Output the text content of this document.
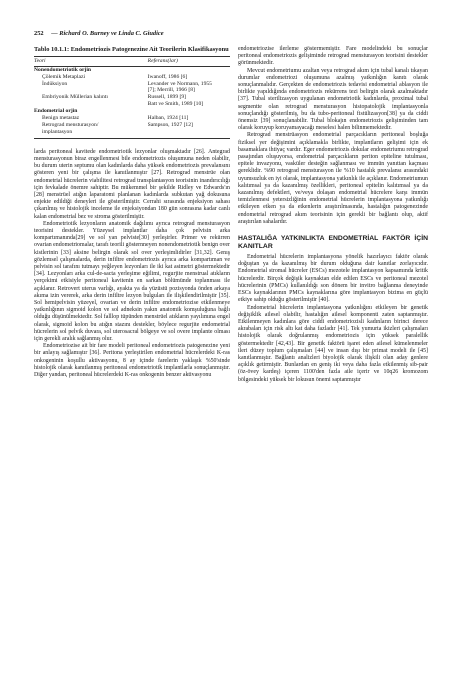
252 — Richard O. Burney ve Linda C. Giudice
Tablo 10.1.1: Endometriozis Patogenezine Ait Teorilerin Klasifikasyonu
Teori	Referans(lar)
Nonendometriotik orjin	
Çölemik Metaplazi	Iwanoff, 1986 [6]
İndüksiyon	Levander ve Normann, 1955
	[7]; Merrill, 1966 [8]
Embriyonik Müllerian kalıntı	Russell, 1899 [9]
	Batt ve Smith, 1989 [10]
Endometrial orjin	
Benign metastaz	Halban, 1924 [11]
Retrograd mensturasyon/	Sampson, 1927 [12]
implantasyon	

larda peritoneal kavitede endometriotik lezyonlar oluşmaktadır [26]. Antegrad mensturasyonun biraz engellenmesi bile endometriozis oluşumuna neden olabilir, bu durum uterin septumu olan kadınlarda daha yüksek endometriozis prevalansını gösteren yeni bir çalışma ile kanıtlanmıştır [27]. Retrograd menstrüe olan endometrial hücrelerin viabilitesi retrograd transplantasyon teorisinin inandırıcılığı için fevkalade önemre sahiptir. Bu mükemmel bir şekilde Ridley ve Edwards'ın [28] menstrüel atığın laparatomi planlanan kadınlarda subkutan yağ dokusuna enjekte edildiği deneyleri ile gösterilmiştir. Cerrahi sırasında enjeksiyon sahası çıkarılmış ve histolojik inceleme ile enjeksiyondan 180 gün sonrasına kadar canlı kalan endometrial bez ve stroma gösterilmiştir.

Endometriotik lezyonların anatomik dağılımı ayrıca retrograd mensturasyon teorisini destekler. Yüzeysel implantlar daha çok pelvisin arka kompartımanında[29] ve sol yan pelviste[30] yerleşirler. Primer ve rekürren ovarian endometriomalar, tarafı teorili gösternneyen nonendometriotik benign over kistlerinin [33] aksine belirgin olarak sol over yerleşimlidirler [31,32]. Genış gözlemsel çalışmalarda, derin infiltre endometriozis ayrıca arka kompartıman ve pelvisin sol tarafını tutmayı yeğleyen lezyonları ile iki kat asimetri göstermektedir [34]. Lezyonları arka cul-de-sacta yerleşime eğilimi, regurjite menstrual atıkların yerçekimi etkisiyle peritoneal kavitenin en sarkan bölümünde toplanması ile açıklanır. Retrovert uterus varlığı, ayakta ya da yüzüstü pozisyonda önden arkaya akıma izin vererek, arka derin infiltre lezyon bulguları ile ilişkilendirilmiştir [35]. Sol hemipelvisin yüzeyel, ovarian ve derin infiltre endometriozise etkilenmeye yatkınlığının sigmoid kolon ve sol adneksin yakın anatomik komşuluğuna bağlı olduğu düşünülmektedir. Sol falllop tüpünden menstrüel atıkların yayılımına engel olarak, sigmoid kolon bu atığın stazını destekler, böylece regurjite endometrial hücrelerin sol pelvik duvara, sol uterosacral bölgeye ve sol overe implante olması için gerekli aralık sağlanmış olur.

Endometriozise ait bir fare modeli peritoneal endometriozis patogenezine yeni bir anlayış sağlamıştır [36]. Peritona yerleştirilen endometrial hücrelerdeki K-ras onkogeninin koşullu aktivasyonu, 8 ay içinde farelerin yaklaşık %50'sinde histolojik olarak kanıtlanmış peritoneal endometriotik implantlarla sonuçlanmıştır. Diğer yandan, peritoneal hücrelerdeki K-ras onkogenin benzer aktivasyonu

endometriozise ilerleme göstermemiştir. Fare modelindeki bu sonuçlar peritoneal endometriozis gelişiminde retrograd mensturasyon teorisini destekler görünmektedir.

Mevcut endometriumu azaltan veya retrograd akım için tubal kanalı tıkayan durumlar endometriozi oluşumuna azalmış yatkınlığın kanıtı olarak sonuçlanmalıdır. Gerçekten de endometriozis tedavisi endometrial ablasyon ile birlikte yapıldığında endometriozis rekürrens tezi belirgin olarak azalmaktadır [37]. Tubal sterilizasyon uygulanan endometriotik kadınlarda, proximal tubal segmentte olan retrograd mensturasyon histopatolojik implantasyonla sonuçlandığı gösterilmiş, bu da tubo-peritoneal fistülizasyon[38] ya da ciddi önemsiz [39] sonuçlanabilir. Tubal blokajın endometriozis gelişiminden tam olarak koruyup koruyamayacağı meselesi halen bilinmemektedir.

Retrograd menstrüasyon endometrial parçacıkların peritoneal boşluğa fiziksel yer değişimini açıklamakla birlikte, implantların gelişimi için ek basamaklara ihtiyaç vardır. Eger endometriozis dokular endometriumu retrograd pasajından oluşuyorsa, endometrial parçacıkların periton epiteline tutulması, epitele invazyonu, vasküler desteğin sağlanması ve immün yanıttan kaçması gereklidir. %90 retrograd mensturasyon ile %10 hastalık prevalansı arasındaki uyumsuzluk en iyi olarak, implantasyona yatkınlık ile açıklanır. Endometriumun kalıtımsal ya da kazanılmış özellikleri, peritoneal epitelin kalıtımsal ya da kazanılmış defektleri, ve/veya dolaşan endometrial hücrelere karşı immün temizlenmesi yetersizliğinin endometrial hücrelerin implantasyona yatkınlığı etkileyen etken ya da etkenlerin araştırılmasında, hastalığın patogenezinde endometrial retrograd akım teorisinin için gerekli bir bağlantı olup, aktif araştırılan sahalardır.

HASTALIĞA YATKINLIKTA ENDOMETRİAL FAKTÖR İÇİN KANITLAR

Endometrial hücrelerin implantasyona yönelik hazırlayıcı faktör olarak doğuştan ya da kazanılmış bir durum olduğuna dair kanıtlar zorlayıcıdır. Endometrial stromal hücreler (ESCs) mezotele implantasyon kapsamında kritik hücrelerdir. Birçok değişik kaynaktan elde edilen ESCs ve peritoneal mezotel hücrelerinin (PMCs) kullanıldığı son dönem bir invitro bağlanma deneyinde ESCs kaynaklarının PMCs kaynaklarına göre implantasyon bizima en güçlü etkiye sahip olduğu gösterilmiştir [40].

Endometrial hücrelerin implantasyona yatkınlığını etkileyen bir genetik değişiklik ailesel olabilir, hastalığın ailesel komponenti zaten saptanmıştır. Etkilenmeyen kadınlara göre ciddi endometriozisli kadınların birinci derece akrabaları için risk altı kat daha fazladır [41]. Tek yumurta ikizleri çalışmaları histolojik olarak doğrulanmış endometriozis için yüksek paralellik göstermektedir [42,43]. Bir genetik faktörü işaret eden ailesel kümelenmeler ileri düzey toplum çalışmaları [44] ve insan dışı bir primat modeli ile [45] kanıtlanmıştır. Bağlantı analizleri biyolojik olarak ilişkili olan aday genlere açıklık getirmiştir. Bunlardan en geniş iki veya daha fazla etkilenmiş sib-pair (öz-övey kardeş) içeren 1100'den fazla aile içerir ve 10q26 kromozom bölgesindeki yüksek bir lokusun önemi saptanmıştır
